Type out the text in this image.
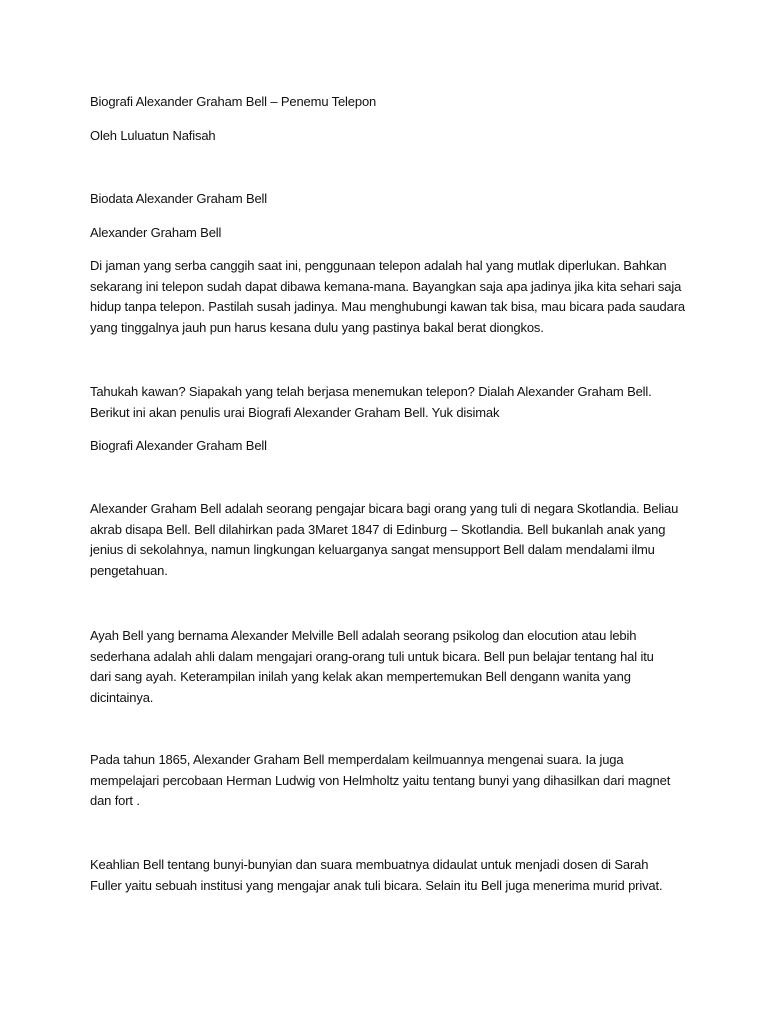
Biografi Alexander Graham Bell – Penemu Telepon

Oleh Luluatun Nafisah

Biodata Alexander Graham Bell

Alexander Graham Bell

Di jaman yang serba canggih saat ini, penggunaan telepon adalah hal yang mutlak diperlukan. Bahkan
sekarang ini telepon sudah dapat dibawa kemana-mana. Bayangkan saja apa jadinya jika kita sehari saja
hidup tanpa telepon. Pastilah susah jadinya. Mau menghubungi kawan tak bisa, mau bicara pada saudara
yang tinggalnya jauh pun harus kesana dulu yang pastinya bakal berat diongkos.

Tahukah kawan? Siapakah yang telah berjasa menemukan telepon? Dialah Alexander Graham Bell.
Berikut ini akan penulis urai Biografi Alexander Graham Bell. Yuk disimak

Biografi Alexander Graham Bell

Alexander Graham Bell adalah seorang pengajar bicara bagi orang yang tuli di negara Skotlandia. Beliau
akrab disapa Bell. Bell dilahirkan pada 3Maret 1847 di Edinburg – Skotlandia. Bell bukanlah anak yang
jenius di sekolahnya, namun lingkungan keluarganya sangat mensupport Bell dalam mendalami ilmu
pengetahuan.

Ayah Bell yang bernama Alexander Melville Bell adalah seorang psikolog dan elocution atau lebih
sederhana adalah ahli dalam mengajari orang-orang tuli untuk bicara. Bell pun belajar tentang hal itu
dari sang ayah. Keterampilan inilah yang kelak akan mempertemukan Bell dengann wanita yang
dicintainya.

Pada tahun 1865, Alexander Graham Bell memperdalam keilmuannya mengenai suara. Ia juga
mempelajari percobaan Herman Ludwig von Helmholtz yaitu tentang bunyi yang dihasilkan dari magnet
dan fort .

Keahlian Bell tentang bunyi-bunyian dan suara membuatnya didaulat untuk menjadi dosen di Sarah
Fuller yaitu sebuah institusi yang mengajar anak tuli bicara. Selain itu Bell juga menerima murid privat.
